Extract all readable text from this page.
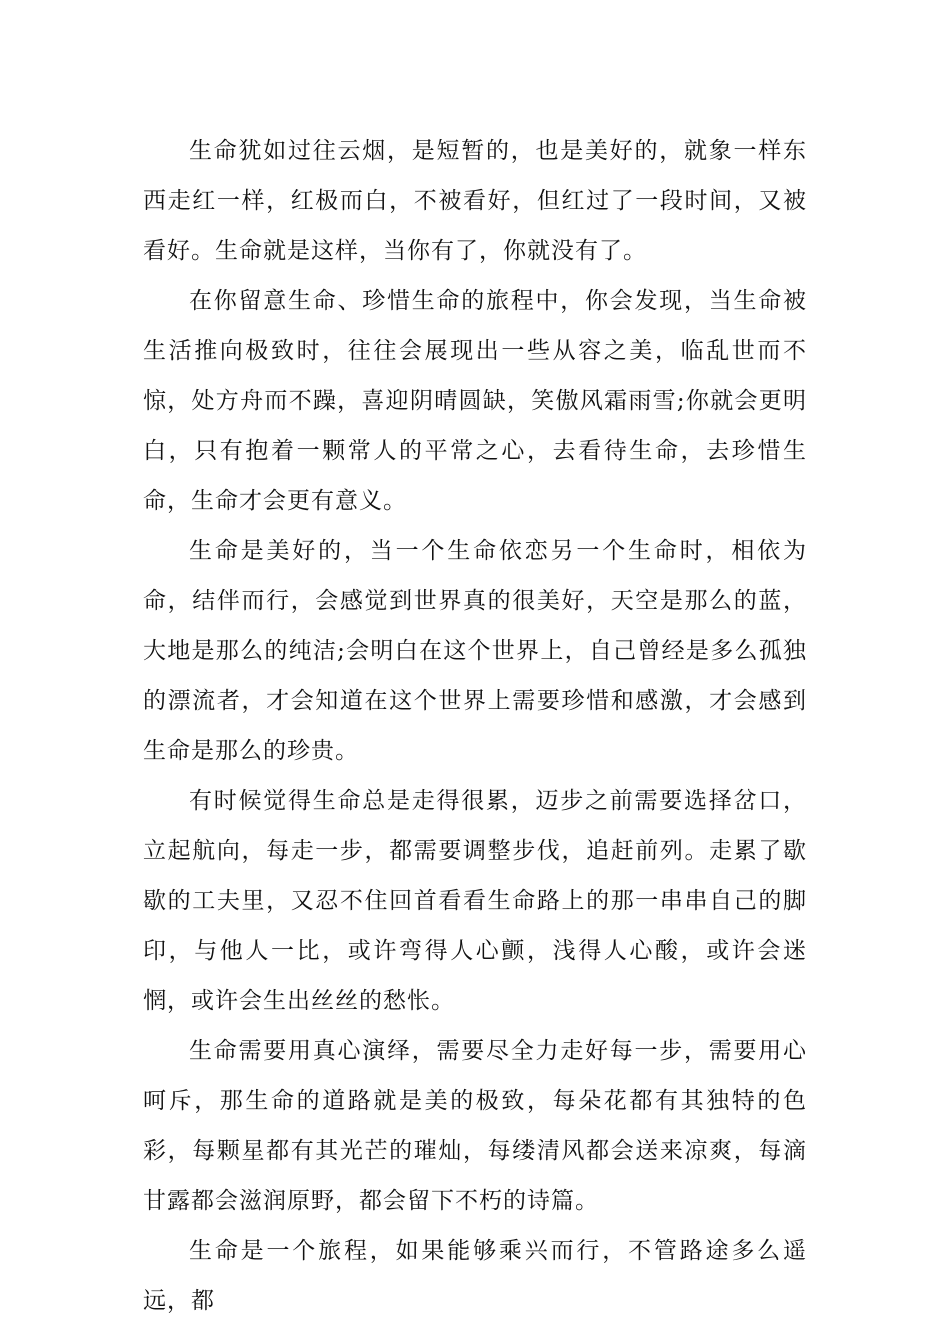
生命犹如过往云烟，是短暂的，也是美好的，就象一样东西走红一样，红极而白，不被看好，但红过了一段时间，又被看好。生命就是这样，当你有了，你就没有了。

在你留意生命、珍惜生命的旅程中，你会发现，当生命被生活推向极致时，往往会展现出一些从容之美，临乱世而不惊，处方舟而不躁，喜迎阴晴圆缺，笑傲风霜雨雪;你就会更明白，只有抱着一颗常人的平常之心，去看待生命，去珍惜生命，生命才会更有意义。

生命是美好的，当一个生命依恋另一个生命时，相依为命，结伴而行，会感觉到世界真的很美好，天空是那么的蓝，大地是那么的纯洁;会明白在这个世界上，自己曾经是多么孤独的漂流者，才会知道在这个世界上需要珍惜和感激，才会感到生命是那么的珍贵。

有时候觉得生命总是走得很累，迈步之前需要选择岔口，立起航向，每走一步，都需要调整步伐，追赶前列。走累了歇歇的工夫里，又忍不住回首看看生命路上的那一串串自己的脚印，与他人一比，或许弯得人心颤，浅得人心酸，或许会迷惘，或许会生出丝丝的愁怅。

生命需要用真心演绎，需要尽全力走好每一步，需要用心呵斥，那生命的道路就是美的极致，每朵花都有其独特的色彩，每颗星都有其光芒的璀灿，每缕清风都会送来凉爽，每滴甘露都会滋润原野，都会留下不朽的诗篇。

生命是一个旅程，如果能够乘兴而行，不管路途多么遥远，都
